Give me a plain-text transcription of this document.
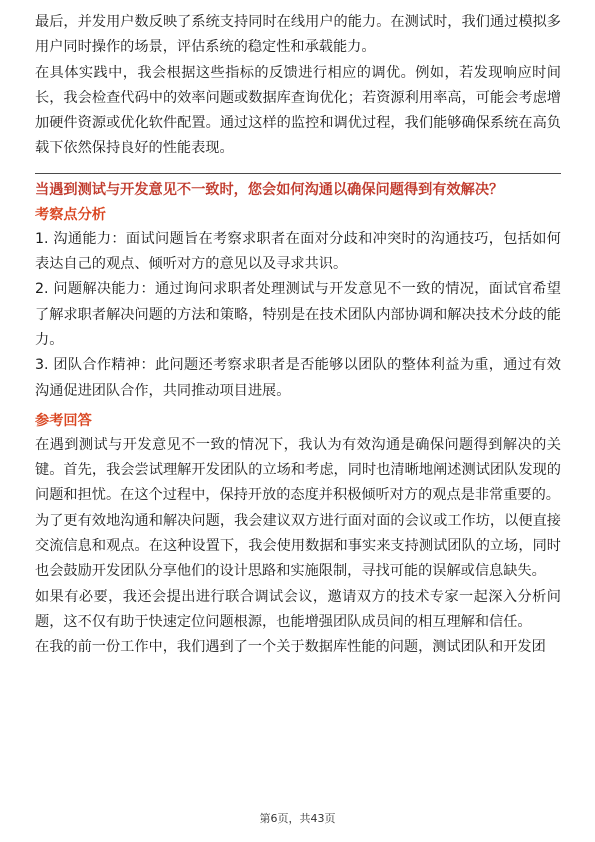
最后，并发用户数反映了系统支持同时在线用户的能力。在测试时，我们通过模拟多用户同时操作的场景，评估系统的稳定性和承载能力。

在具体实践中，我会根据这些指标的反馈进行相应的调优。例如，若发现响应时间长，我会检查代码中的效率问题或数据库查询优化；若资源利用率高，可能会考虑增加硬件资源或优化软件配置。通过这样的监控和调优过程，我们能够确保系统在高负载下依然保持良好的性能表现。

当遇到测试与开发意见不一致时，您会如何沟通以确保问题得到有效解决？

考察点分析

1. 沟通能力：面试问题旨在考察求职者在面对分歧和冲突时的沟通技巧，包括如何表达自己的观点、倾听对方的意见以及寻求共识。

2. 问题解决能力：通过询问求职者处理测试与开发意见不一致的情况，面试官希望了解求职者解决问题的方法和策略，特别是在技术团队内部协调和解决技术分歧的能力。

3. 团队合作精神：此问题还考察求职者是否能够以团队的整体利益为重，通过有效沟通促进团队合作，共同推动项目进展。

参考回答

在遇到测试与开发意见不一致的情况下，我认为有效沟通是确保问题得到解决的关键。首先，我会尝试理解开发团队的立场和考虑，同时也清晰地阐述测试团队发现的问题和担忧。在这个过程中，保持开放的态度并积极倾听对方的观点是非常重要的。

为了更有效地沟通和解决问题，我会建议双方进行面对面的会议或工作坊，以便直接交流信息和观点。在这种设置下，我会使用数据和事实来支持测试团队的立场，同时也会鼓励开发团队分享他们的设计思路和实施限制，寻找可能的误解或信息缺失。

如果有必要，我还会提出进行联合调试会议，邀请双方的技术专家一起深入分析问题，这不仅有助于快速定位问题根源，也能增强团队成员间的相互理解和信任。

在我的前一份工作中，我们遇到了一个关于数据库性能的问题，测试团队和开发团

第6页，共43页
